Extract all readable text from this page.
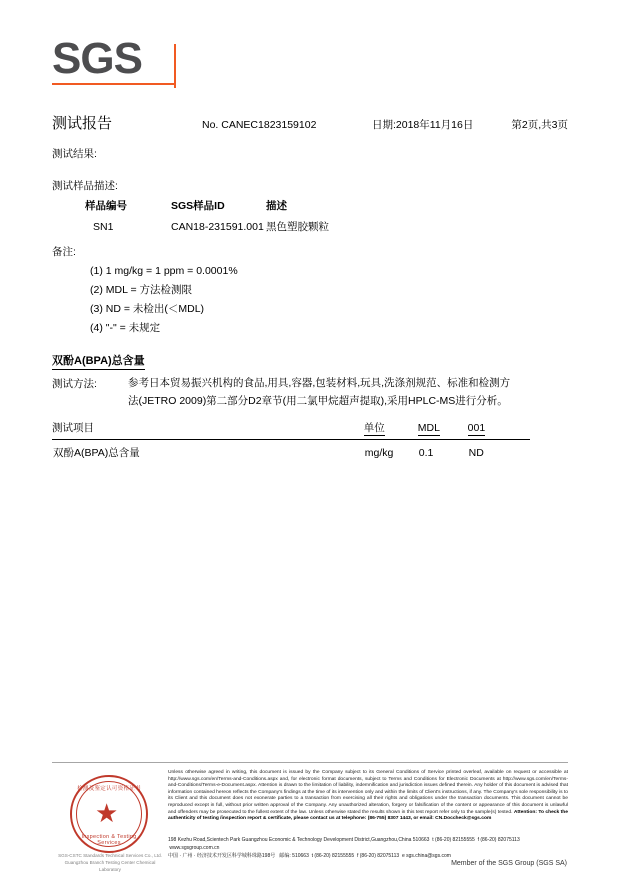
SGS
测试报告	No. CANEC1823159102	日期:2018年11月16日	第2页,共3页
测试结果:
测试样品描述:
样品编号	SGS样品ID	描述
SN1	CAN18-231591.001	黑色塑胶颗粒
备注:
(1) 1 mg/kg = 1 ppm = 0.0001%
(2) MDL = 方法检测限
(3) ND = 未检出(＜MDL)
(4) "-" = 未规定
双酚A(BPA)总含量
测试方法:	参考日本贸易振兴机构的食品,用具,容器,包装材料,玩具,洗涤剂规范、标准和检测方
法(JETRO 2009)第二部分D2章节(用二氯甲烷超声提取),采用HPLC-MS进行分析。
测试项目	单位	MDL	001
双酚A(BPA)总含量	mg/kg	0.1	ND
检测及鉴定认可资格证书
★
Inspection & Testing Services
SGS-CSTC Standards Technical Services Co., Ltd.
Guangzhou Branch Testing Center Chemical Laboratory
Unless otherwise agreed in writing, this document is issued by the Company subject to its General Conditions of Service printed overleaf, available on request or accessible at http://www.sgs.com/en/Terms-and-Conditions.aspx and, for electronic format documents, subject to Terms and Conditions for Electronic Documents at http://www.sgs.com/en/Terms-and-Conditions/Terms-e-Document.aspx. Attention is drawn to the limitation of liability, indemnification and jurisdiction issues defined therein. Any holder of this document is advised that information contained hereon reflects the Company's findings at the time of its intervention only and within the limits of Client's instructions, if any. The Company's sole responsibility is to its Client and this document does not exonerate parties to a transaction from exercising all their rights and obligations under the transaction documents. This document cannot be reproduced except in full, without prior written approval of the Company. Any unauthorized alteration, forgery or falsification of the content or appearance of this document is unlawful and offenders may be prosecuted to the fullest extent of the law. Unless otherwise stated the results shown in this test report refer only to the sample(s) tested. Attention: To check the authenticity of testing /inspection report & certificate, please contact us at telephone: (86-755) 8307 1443, or email: CN.Doccheck@sgs.com
198 Kezhu Road,Scientech Park Guangzhou Economic & Technology Development District,Guangzhou,China 510663 t (86-20) 82155555 f (86-20) 82075113  www.sgsgroup.com.cn
中国 · 广州 · 经济技术开发区科学城科珠路198号 邮编: 510663 t (86-20) 82155555 f (86-20) 82075113 e sgs.china@sgs.com
Member of the SGS Group (SGS SA)
